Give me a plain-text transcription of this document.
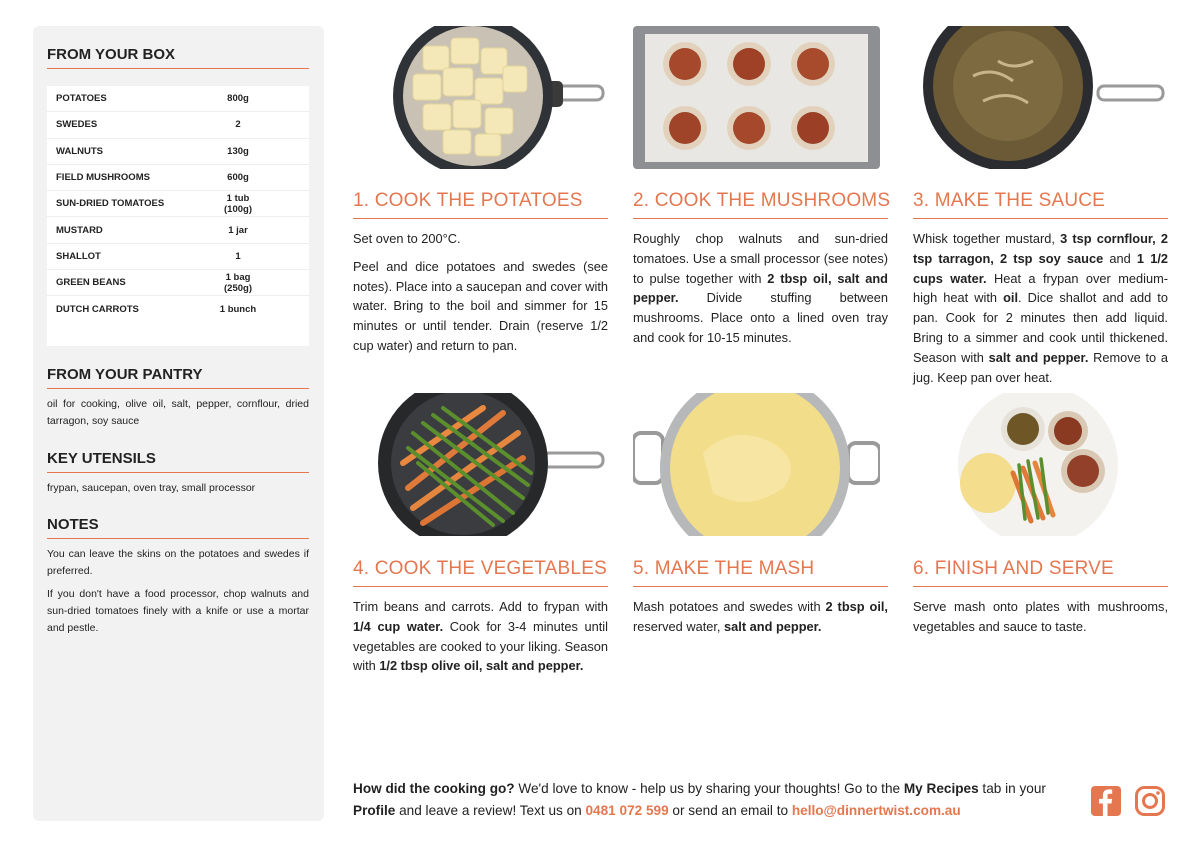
FROM YOUR BOX
POTATOES	800g
SWEDES	2
WALNUTS	130g
FIELD MUSHROOMS	600g
SUN-DRIED TOMATOES	1 tub (100g)
MUSTARD	1 jar
SHALLOT	1
GREEN BEANS	1 bag (250g)
DUTCH CARROTS	1 bunch
FROM YOUR PANTRY
oil for cooking, olive oil, salt, pepper, cornflour, dried tarragon, soy sauce
KEY UTENSILS
frypan, saucepan, oven tray, small processor
NOTES

You can leave the skins on the potatoes and swedes if preferred.

If you don't have a food processor, chop walnuts and sun-dried tomatoes finely with a knife or use a mortar and pestle.

1. COOK THE POTATOES

Set oven to 200°C.

Peel and dice potatoes and swedes (see notes). Place into a saucepan and cover with water. Bring to the boil and simmer for 15 minutes or until tender. Drain (reserve 1/2 cup water) and return to pan.

2. COOK THE MUSHROOMS

Roughly chop walnuts and sun-dried tomatoes. Use a small processor (see notes) to pulse together with 2 tbsp oil, salt and pepper. Divide stuffing between mushrooms. Place onto a lined oven tray and cook for 10-15 minutes.

3. MAKE THE SAUCE

Whisk together mustard, 3 tsp cornflour, 2 tsp tarragon, 2 tsp soy sauce and 1 1/2 cups water. Heat a frypan over medium-high heat with oil. Dice shallot and add to pan. Cook for 2 minutes then add liquid. Bring to a simmer and cook until thickened. Season with salt and pepper. Remove to a jug. Keep pan over heat.

4. COOK THE VEGETABLES

Trim beans and carrots. Add to frypan with 1/4 cup water. Cook for 3-4 minutes until vegetables are cooked to your liking. Season with 1/2 tbsp olive oil, salt and pepper.

5. MAKE THE MASH

Mash potatoes and swedes with 2 tbsp oil, reserved water, salt and pepper.

6. FINISH AND SERVE

Serve mash onto plates with mushrooms, vegetables and sauce to taste.

How did the cooking go? We'd love to know - help us by sharing your thoughts! Go to the My Recipes tab in your Profile and leave a review! Text us on 0481 072 599 or send an email to hello@dinnertwist.com.au
